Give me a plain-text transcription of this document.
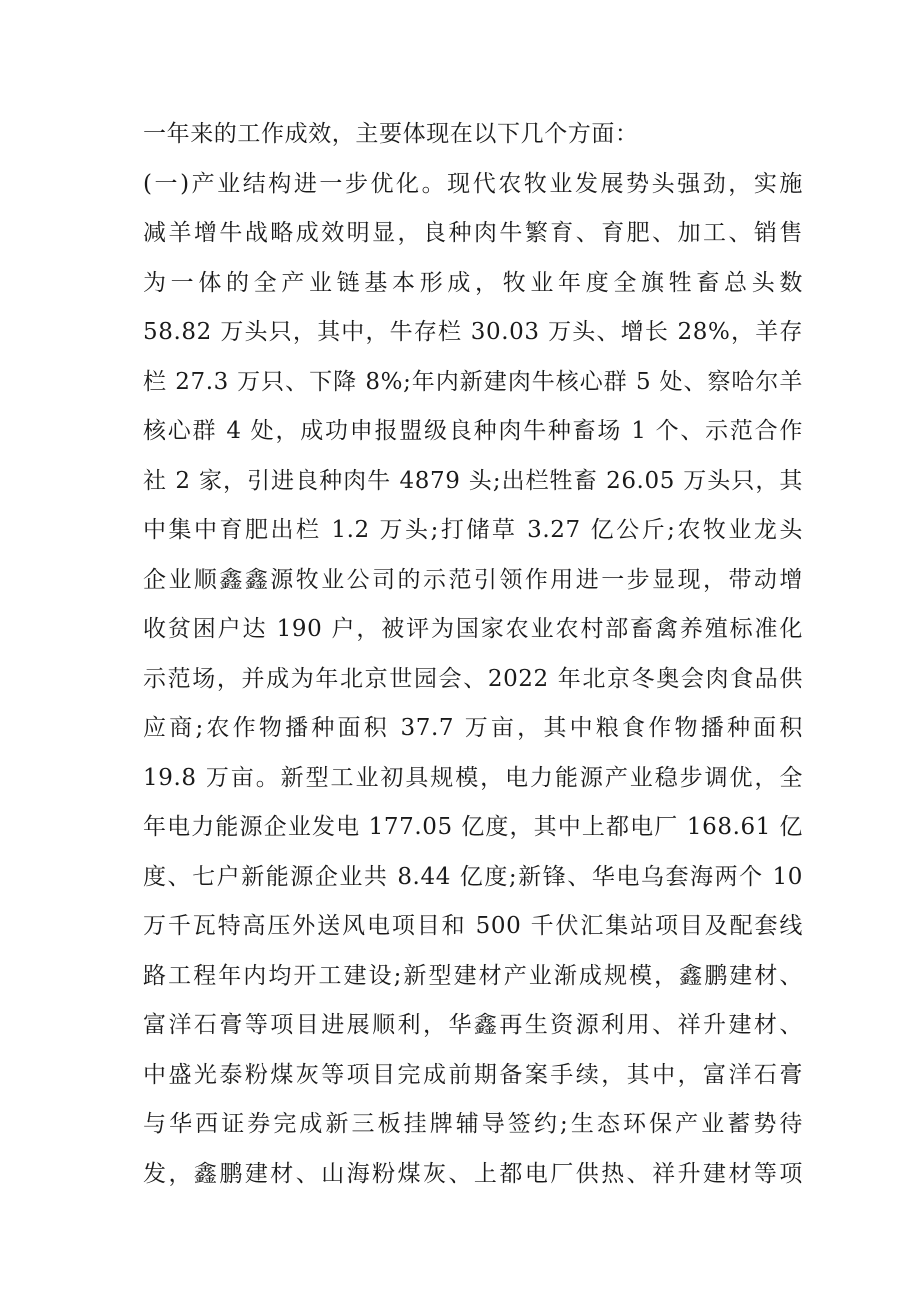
一年来的工作成效，主要体现在以下几个方面：
(一)产业结构进一步优化。现代农牧业发展势头强劲，实施
减羊增牛战略成效明显，良种肉牛繁育、育肥、加工、销售
为一体的全产业链基本形成，牧业年度全旗牲畜总头数
58.82 万头只，其中，牛存栏 30.03 万头、增长 28%，羊存
栏 27.3 万只、下降 8%;年内新建肉牛核心群 5 处、察哈尔羊
核心群 4 处，成功申报盟级良种肉牛种畜场 1 个、示范合作
社 2 家，引进良种肉牛 4879 头;出栏牲畜 26.05 万头只，其
中集中育肥出栏 1.2 万头;打储草 3.27 亿公斤;农牧业龙头
企业顺鑫鑫源牧业公司的示范引领作用进一步显现，带动增
收贫困户达 190 户，被评为国家农业农村部畜禽养殖标准化
示范场，并成为年北京世园会、2022 年北京冬奥会肉食品供
应商;农作物播种面积 37.7 万亩，其中粮食作物播种面积
19.8 万亩。新型工业初具规模，电力能源产业稳步调优，全
年电力能源企业发电 177.05 亿度，其中上都电厂 168.61 亿
度、七户新能源企业共 8.44 亿度;新锋、华电乌套海两个 10
万千瓦特高压外送风电项目和 500 千伏汇集站项目及配套线
路工程年内均开工建设;新型建材产业渐成规模，鑫鹏建材、
富洋石膏等项目进展顺利，华鑫再生资源利用、祥升建材、
中盛光泰粉煤灰等项目完成前期备案手续，其中，富洋石膏
与华西证券完成新三板挂牌辅导签约;生态环保产业蓄势待
发，鑫鹏建材、山海粉煤灰、上都电厂供热、祥升建材等项
